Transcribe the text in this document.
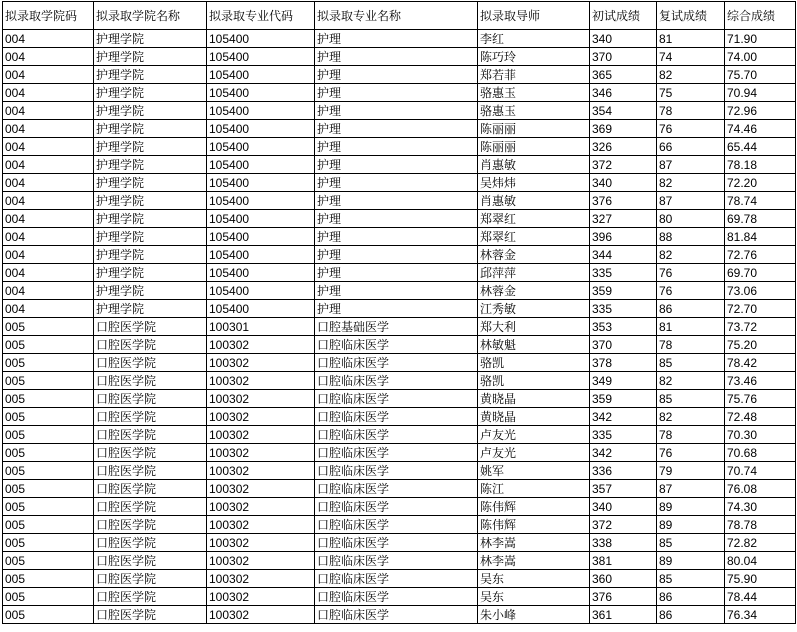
拟录取学院码	拟录取学院名称	拟录取专业代码	拟录取专业名称	拟录取导师	初试成绩	复试成绩	综合成绩
004	护理学院	105400	护理	李红	340	81	71.90
004	护理学院	105400	护理	陈巧玲	370	74	74.00
004	护理学院	105400	护理	郑若菲	365	82	75.70
004	护理学院	105400	护理	骆惠玉	346	75	70.94
004	护理学院	105400	护理	骆惠玉	354	78	72.96
004	护理学院	105400	护理	陈丽丽	369	76	74.46
004	护理学院	105400	护理	陈丽丽	326	66	65.44
004	护理学院	105400	护理	肖惠敏	372	87	78.18
004	护理学院	105400	护理	吴炜炜	340	82	72.20
004	护理学院	105400	护理	肖惠敏	376	87	78.74
004	护理学院	105400	护理	郑翠红	327	80	69.78
004	护理学院	105400	护理	郑翠红	396	88	81.84
004	护理学院	105400	护理	林蓉金	344	82	72.76
004	护理学院	105400	护理	邱萍萍	335	76	69.70
004	护理学院	105400	护理	林蓉金	359	76	73.06
004	护理学院	105400	护理	江秀敏	335	86	72.70
005	口腔医学院	100301	口腔基础医学	郑大利	353	81	73.72
005	口腔医学院	100302	口腔临床医学	林敏魁	370	78	75.20
005	口腔医学院	100302	口腔临床医学	骆凯	378	85	78.42
005	口腔医学院	100302	口腔临床医学	骆凯	349	82	73.46
005	口腔医学院	100302	口腔临床医学	黄晓晶	359	85	75.76
005	口腔医学院	100302	口腔临床医学	黄晓晶	342	82	72.48
005	口腔医学院	100302	口腔临床医学	卢友光	335	78	70.30
005	口腔医学院	100302	口腔临床医学	卢友光	342	76	70.68
005	口腔医学院	100302	口腔临床医学	姚军	336	79	70.74
005	口腔医学院	100302	口腔临床医学	陈江	357	87	76.08
005	口腔医学院	100302	口腔临床医学	陈伟辉	340	89	74.30
005	口腔医学院	100302	口腔临床医学	陈伟辉	372	89	78.78
005	口腔医学院	100302	口腔临床医学	林李嵩	338	85	72.82
005	口腔医学院	100302	口腔临床医学	林李嵩	381	89	80.04
005	口腔医学院	100302	口腔临床医学	吴东	360	85	75.90
005	口腔医学院	100302	口腔临床医学	吴东	376	86	78.44
005	口腔医学院	100302	口腔临床医学	朱小峰	361	86	76.34
